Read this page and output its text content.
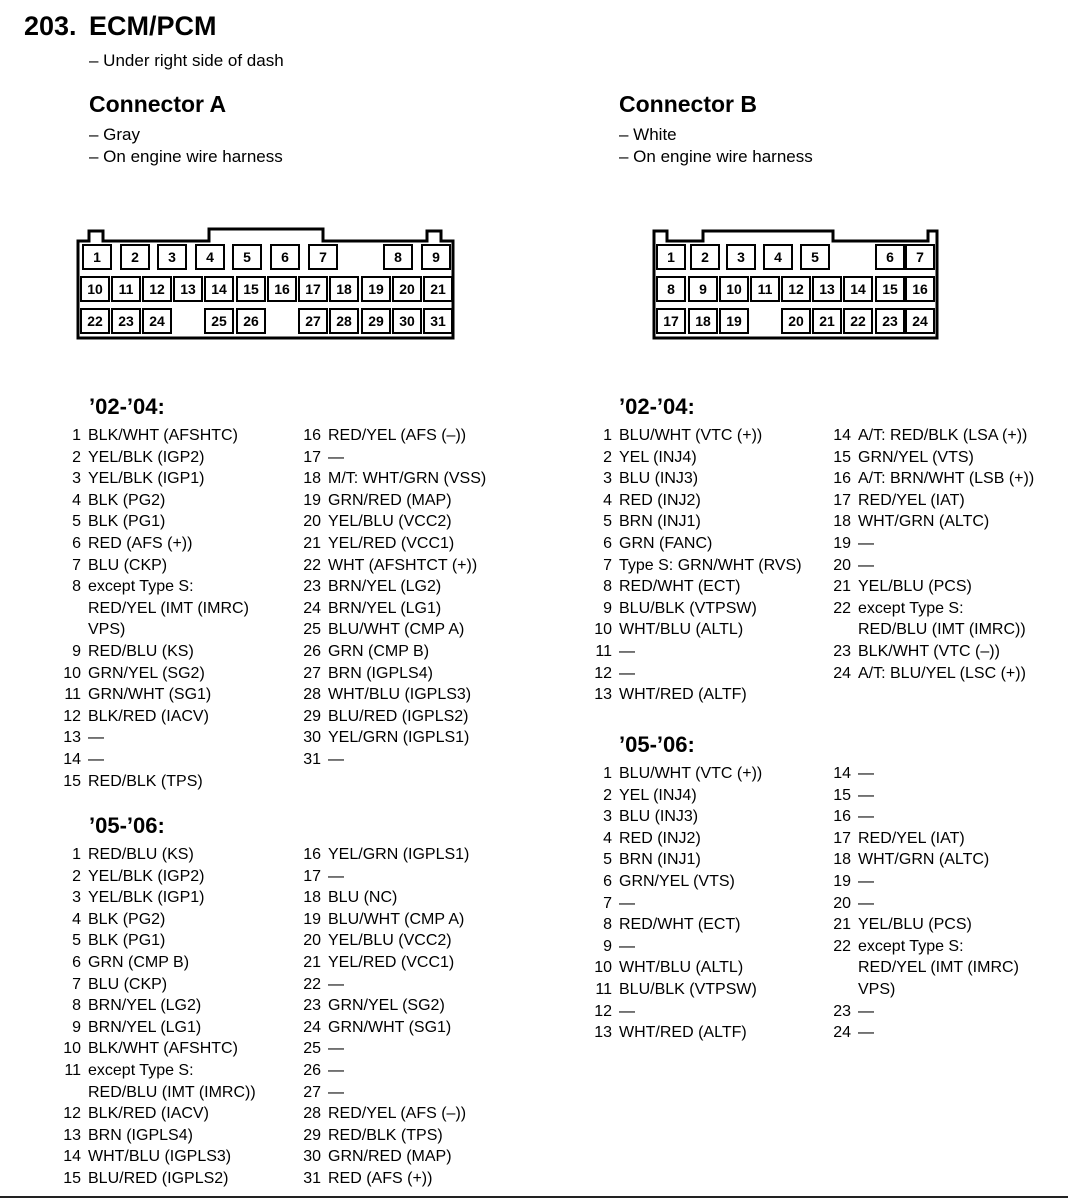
203. ECM/PCM
– Under right side of dash
Connector A
– Gray
– On engine wire harness
Connector B
– White
– On engine wire harness
1 2 3 4 5 6 7	8 9
10 11 12 13 14 15 16 17 18 19 20 21
22 23 24	25 26	27 28 29 30 31
1 2 3 4 5	6 7
8 9 10 11 12 13 14 15 16
17 18 19	20 21 22 23 24
’02-’04:
’05-’06:
’02-’04:
’05-’06:
1 BLK/WHT (AFSHTC)
2 YEL/BLK (IGP2)
3 YEL/BLK (IGP1)
4 BLK (PG2)
5 BLK (PG1)
6 RED (AFS (+))
7 BLU (CKP)
8 except Type S:
RED/YEL (IMT (IMRC)
VPS)
9 RED/BLU (KS)
10 GRN/YEL (SG2)
11 GRN/WHT (SG1)
12 BLK/RED (IACV)
13 —
14 —
15 RED/BLK (TPS)
16 RED/YEL (AFS (–))
17 —
18 M/T: WHT/GRN (VSS)
19 GRN/RED (MAP)
20 YEL/BLU (VCC2)
21 YEL/RED (VCC1)
22 WHT (AFSHTCT (+))
23 BRN/YEL (LG2)
24 BRN/YEL (LG1)
25 BLU/WHT (CMP A)
26 GRN (CMP B)
27 BRN (IGPLS4)
28 WHT/BLU (IGPLS3)
29 BLU/RED (IGPLS2)
30 YEL/GRN (IGPLS1)
31 —
1 RED/BLU (KS)
2 YEL/BLK (IGP2)
3 YEL/BLK (IGP1)
4 BLK (PG2)
5 BLK (PG1)
6 GRN (CMP B)
7 BLU (CKP)
8 BRN/YEL (LG2)
9 BRN/YEL (LG1)
10 BLK/WHT (AFSHTC)
11 except Type S:
RED/BLU (IMT (IMRC))
12 BLK/RED (IACV)
13 BRN (IGPLS4)
14 WHT/BLU (IGPLS3)
15 BLU/RED (IGPLS2)
16 YEL/GRN (IGPLS1)
17 —
18 BLU (NC)
19 BLU/WHT (CMP A)
20 YEL/BLU (VCC2)
21 YEL/RED (VCC1)
22 —
23 GRN/YEL (SG2)
24 GRN/WHT (SG1)
25 —
26 —
27 —
28 RED/YEL (AFS (–))
29 RED/BLK (TPS)
30 GRN/RED (MAP)
31 RED (AFS (+))
1 BLU/WHT (VTC (+))
2 YEL (INJ4)
3 BLU (INJ3)
4 RED (INJ2)
5 BRN (INJ1)
6 GRN (FANC)
7 Type S: GRN/WHT (RVS)
8 RED/WHT (ECT)
9 BLU/BLK (VTPSW)
10 WHT/BLU (ALTL)
11 —
12 —
13 WHT/RED (ALTF)
14 A/T: RED/BLK (LSA (+))
15 GRN/YEL (VTS)
16 A/T: BRN/WHT (LSB (+))
17 RED/YEL (IAT)
18 WHT/GRN (ALTC)
19 —
20 —
21 YEL/BLU (PCS)
22 except Type S:
RED/BLU (IMT (IMRC))
23 BLK/WHT (VTC (–))
24 A/T: BLU/YEL (LSC (+))
1 BLU/WHT (VTC (+))
2 YEL (INJ4)
3 BLU (INJ3)
4 RED (INJ2)
5 BRN (INJ1)
6 GRN/YEL (VTS)
7 —
8 RED/WHT (ECT)
9 —
10 WHT/BLU (ALTL)
11 BLU/BLK (VTPSW)
12 —
13 WHT/RED (ALTF)
14 —
15 —
16 —
17 RED/YEL (IAT)
18 WHT/GRN (ALTC)
19 —
20 —
21 YEL/BLU (PCS)
22 except Type S:
RED/YEL (IMT (IMRC)
VPS)
23 —
24 —
